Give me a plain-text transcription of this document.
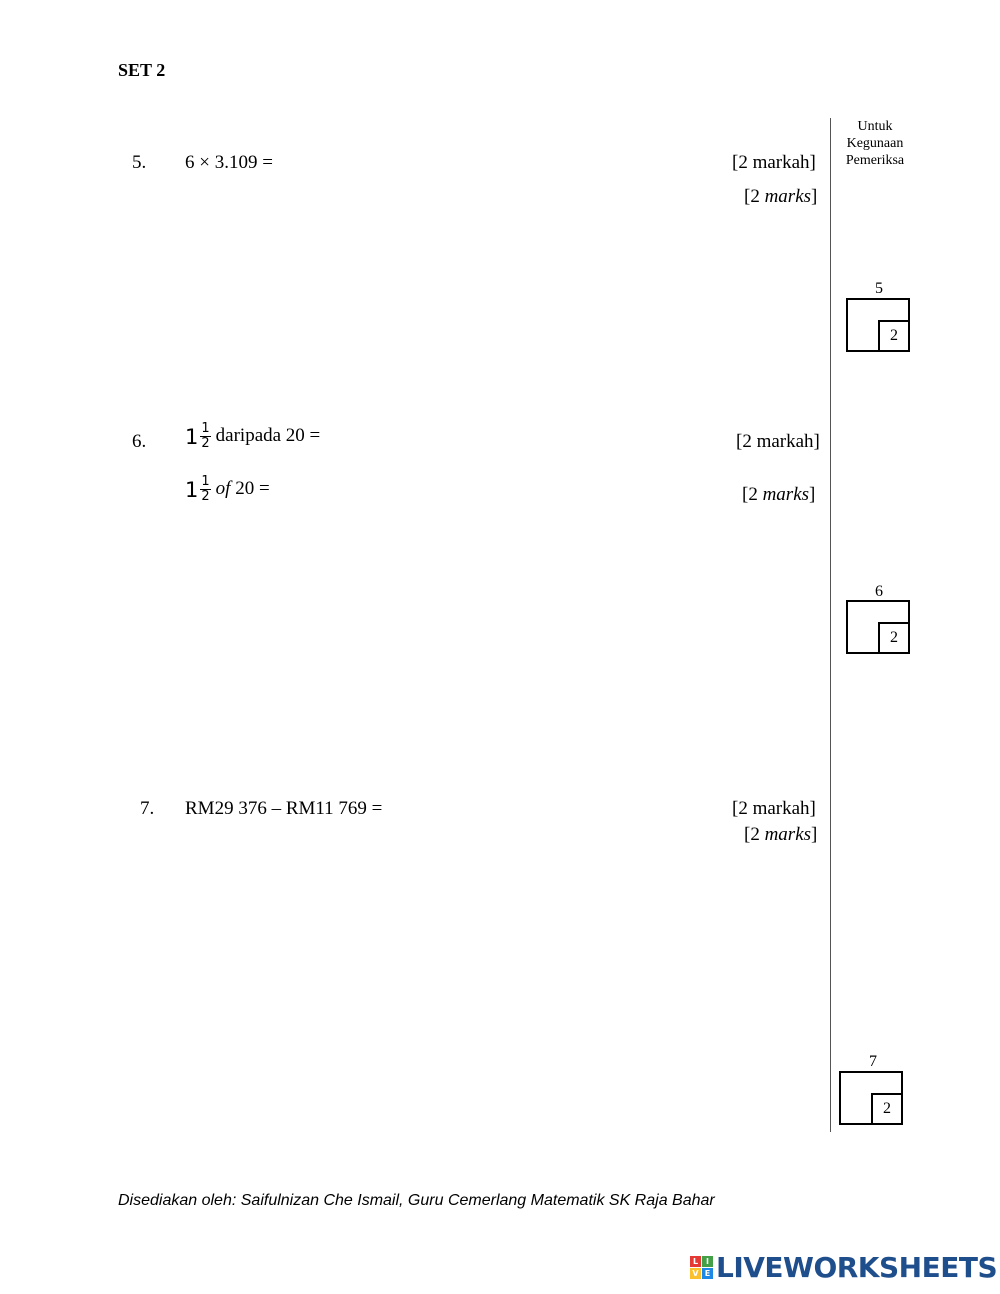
SET 2
Untuk Kegunaan Pemeriksa
5. 6 × 3.109 =	[2 markah]
[2 marks]
5
2
6. 1 1
2 daripada 20 =	[2 markah]
1 1
2 of 20 =	[2 marks]
6
2
7. RM29 376 – RM11 769 =	[2 markah]
[2 marks]
7
2
Disediakan oleh: Saifulnizan Che Ismail, Guru Cemerlang Matematik SK Raja Bahar
L I
V E LIVEWORKSHEETS
